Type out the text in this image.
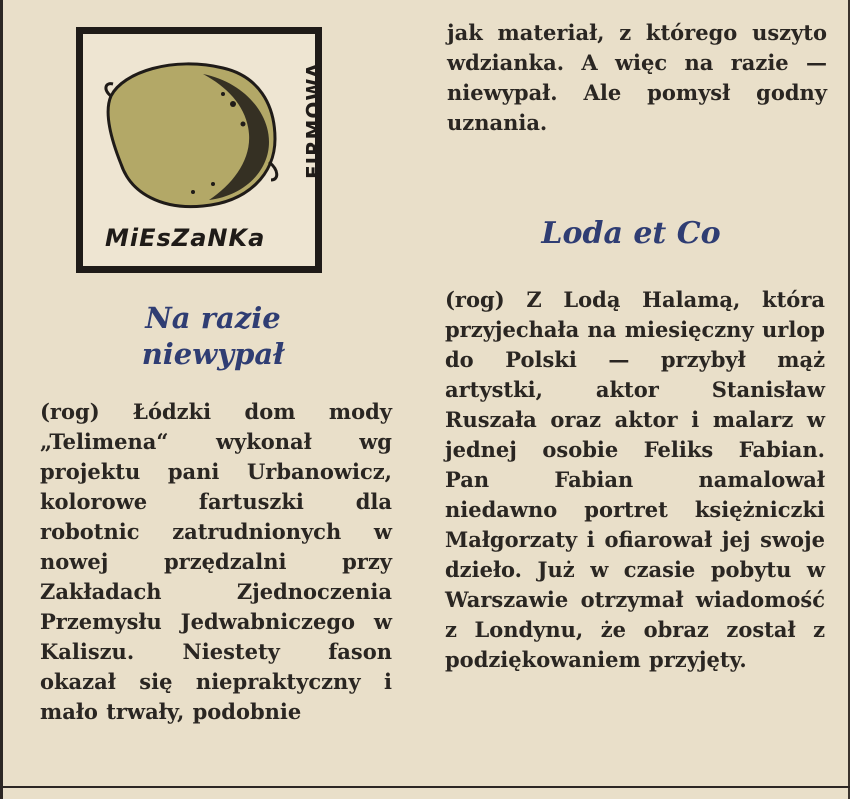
MiEsZaNKa
FIRMOWA

Na razie

niewypał

(rog) Łódzki dom mody „Telimena“ wykonał wg projektu pani Urbanowicz, kolorowe fartuszki dla robotnic zatrudnionych w nowej przędzalni przy Zakładach Zjednoczenia Przemysłu Jedwabniczego w Kaliszu. Niestety fason okazał się niepraktyczny i mało trwały, podobnie

jak materiał, z którego uszyto wdzianka. A więc na razie — niewypał. Ale pomysł godny uznania.

Loda et Co

(rog) Z Lodą Halamą, która przyjechała na miesięczny urlop do Polski — przybył mąż artystki, aktor Stanisław Ruszała oraz aktor i malarz w jednej osobie Feliks Fabian. Pan Fabian namalował niedawno portret księżniczki Małgorzaty i ofiarował jej swoje dzieło. Już w czasie pobytu w Warszawie otrzymał wiadomość z Londynu, że obraz został z podziękowaniem przyjęty.
